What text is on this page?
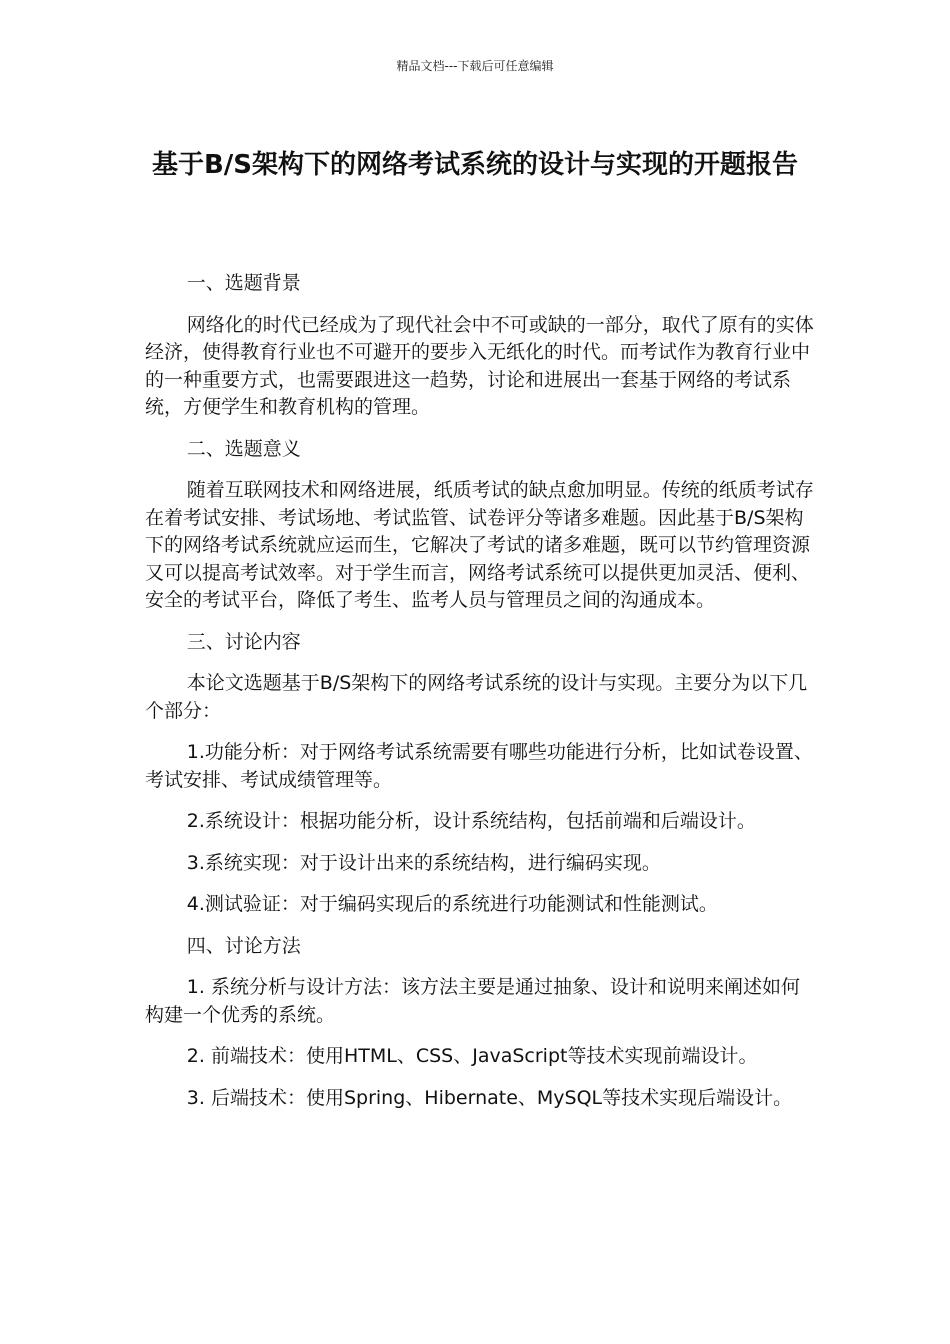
精品文档---下载后可任意编辑
基于B/S架构下的网络考试系统的设计与实现的开题报告

一、选题背景

网络化的时代已经成为了现代社会中不可或缺的一部分，取代了原有的实体经济，使得教育行业也不可避开的要步入无纸化的时代。而考试作为教育行业中的一种重要方式，也需要跟进这一趋势，讨论和进展出一套基于网络的考试系统，方便学生和教育机构的管理。

二、选题意义

随着互联网技术和网络进展，纸质考试的缺点愈加明显。传统的纸质考试存在着考试安排、考试场地、考试监管、试卷评分等诸多难题。因此基于B/S架构下的网络考试系统就应运而生，它解决了考试的诸多难题，既可以节约管理资源又可以提高考试效率。对于学生而言，网络考试系统可以提供更加灵活、便利、安全的考试平台，降低了考生、监考人员与管理员之间的沟通成本。

三、讨论内容

本论文选题基于B/S架构下的网络考试系统的设计与实现。主要分为以下几个部分：

1.功能分析：对于网络考试系统需要有哪些功能进行分析，比如试卷设置、考试安排、考试成绩管理等。

2.系统设计：根据功能分析，设计系统结构，包括前端和后端设计。

3.系统实现：对于设计出来的系统结构，进行编码实现。

4.测试验证：对于编码实现后的系统进行功能测试和性能测试。

四、讨论方法

1. 系统分析与设计方法：该方法主要是通过抽象、设计和说明来阐述如何构建一个优秀的系统。

2. 前端技术：使用HTML、CSS、JavaScript等技术实现前端设计。

3. 后端技术：使用Spring、Hibernate、MySQL等技术实现后端设计。
